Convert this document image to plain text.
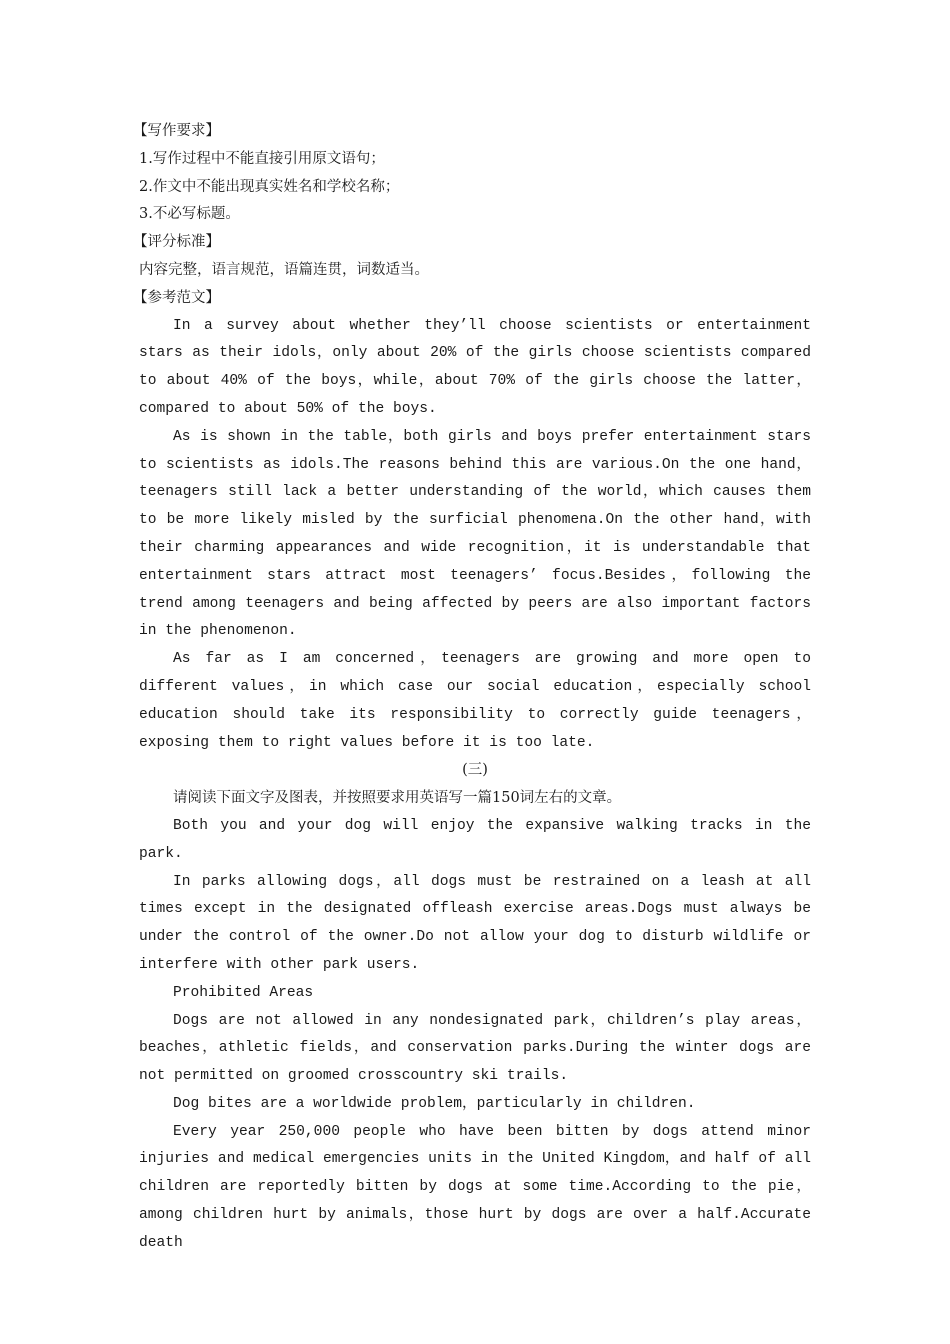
【写作要求】

1.写作过程中不能直接引用原文语句；

2.作文中不能出现真实姓名和学校名称；

3.不必写标题。

【评分标准】

内容完整，语言规范，语篇连贯，词数适当。

【参考范文】

In a survey about whether they’ll choose scientists or entertainment stars as their idols，only about 20% of the girls choose scientists compared to about 40% of the boys，while，about 70% of the girls choose the latter，compared to about 50% of the boys.

As is shown in the table，both girls and boys prefer entertainment stars to scientists as idols.The reasons behind this are various.On the one hand，teenagers still lack a better understanding of the world，which causes them to be more likely misled by the surficial phenomena.On the other hand，with their charming appearances and wide recognition，it is understandable that entertainment stars attract most teenagers’ focus.Besides，following the trend among teenagers and being affected by peers are also important factors in the phenomenon.

As far as I am concerned，teenagers are growing and more open to different values，in which case our social education，especially school education should take its responsibility to correctly guide teenagers，exposing them to right values before it is too late.

(三)

请阅读下面文字及图表，并按照要求用英语写一篇150词左右的文章。

Both you and your dog will enjoy the expansive walking tracks in the park.

In parks allowing dogs，all dogs must be restrained on a leash at all times except in the designated offleash exercise areas.Dogs must always be under the control of the owner.Do not allow your dog to disturb wildlife or interfere with other park users.

Prohibited Areas

Dogs are not allowed in any nondesignated park，children’s play areas，beaches，athletic fields，and conservation parks.During the winter dogs are not permitted on groomed crosscountry ski trails.

Dog bites are a worldwide problem，particularly in children.

Every year 250,000 people who have been bitten by dogs attend minor injuries and medical emergencies units in the United Kingdom，and half of all children are reportedly bitten by dogs at some time.According to the pie，among children hurt by animals，those hurt by dogs are over a half.Accurate death
